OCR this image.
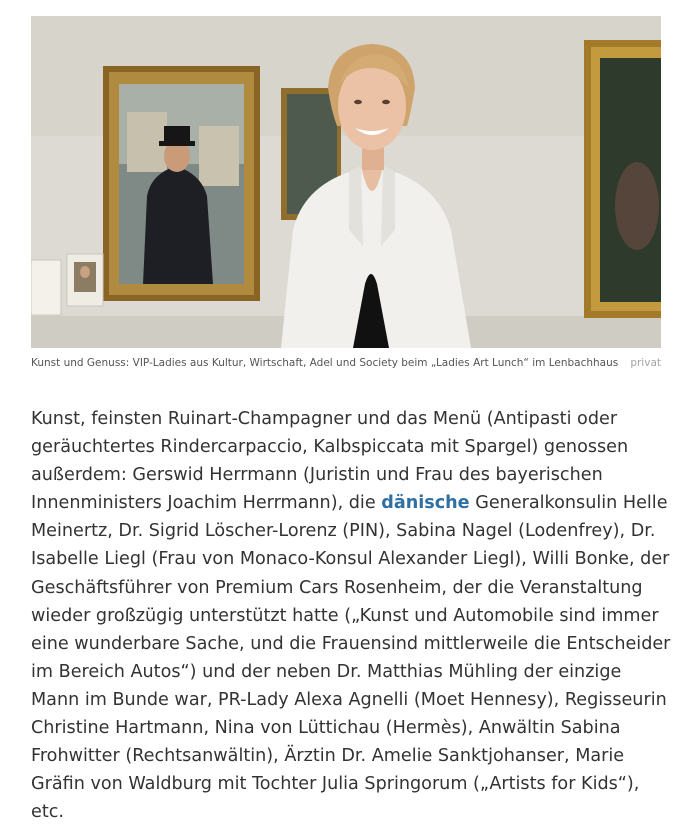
Kunst und Genuss: VIP-Ladies aus Kultur, Wirtschaft, Adel und Society beim „Ladies Art Lunch“ im Lenbachhaus privat

Kunst, feinsten Ruinart-Champagner und das Menü (Antipasti oder geräuchtertes Rindercarpaccio, Kalbspiccata mit Spargel) genossen außerdem: Gerswid Herrmann (Juristin und Frau des bayerischen Innenministers Joachim Herrmann), die dänische Generalkonsulin Helle Meinertz, Dr. Sigrid Löscher-Lorenz (PIN), Sabina Nagel (Lodenfrey), Dr. Isabelle Liegl (Frau von Monaco-Konsul Alexander Liegl), Willi Bonke, der Geschäftsführer von Premium Cars Rosenheim, der die Veranstaltung wieder großzügig unterstützt hatte („Kunst und Automobile sind immer eine wunderbare Sache, und die Frauensind mittlerweile die Entscheider im Bereich Autos“) und der neben Dr. Matthias Mühling der einzige Mann im Bunde war, PR-Lady Alexa Agnelli (Moet Hennesy), Regisseurin Christine Hartmann, Nina von Lüttichau (Hermès), Anwältin Sabina Frohwitter (Rechtsanwältin), Ärztin Dr. Amelie Sanktjohanser, Marie Gräfin von Waldburg mit Tochter Julia Springorum („Artists for Kids“), etc.
